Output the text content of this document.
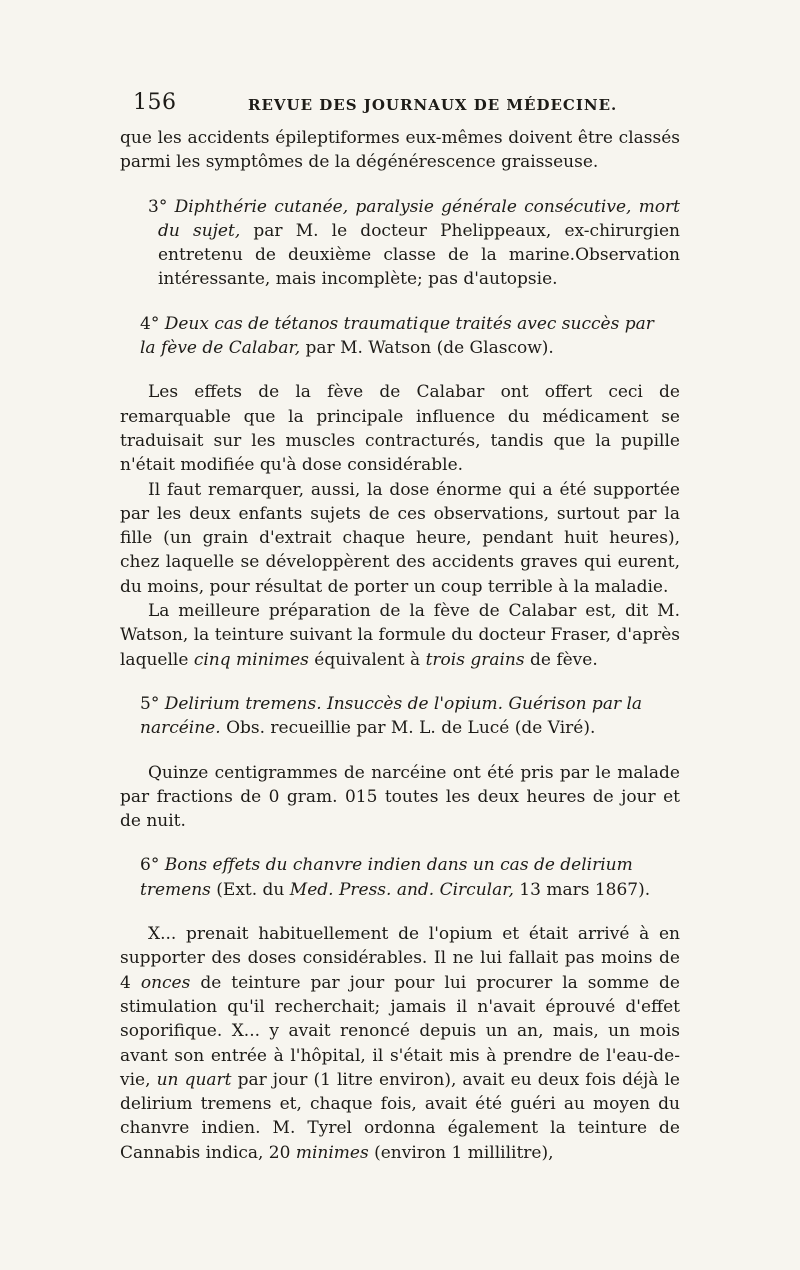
156	REVUE DES JOURNAUX DE MÉDECINE.

que les accidents épileptiformes eux-mêmes doivent être classés parmi les symptômes de la dégénérescence graisseuse.

3° Diphthérie cutanée, paralysie générale consécutive, mort du sujet, par M. le docteur Phelippeaux, ex-chirurgien entretenu de deuxième classe de la marine.Observation intéressante, mais incomplète; pas d'autopsie.

4° Deux cas de tétanos traumatique traités avec succès par la fève de Calabar, par M. Watson (de Glascow).

Les effets de la fève de Calabar ont offert ceci de remarquable que la principale influence du médicament se traduisait sur les muscles contracturés, tandis que la pupille n'était modifiée qu'à dose considérable.

Il faut remarquer, aussi, la dose énorme qui a été supportée par les deux enfants sujets de ces observations, surtout par la fille (un grain d'extrait chaque heure, pendant huit heures), chez laquelle se développèrent des accidents graves qui eurent, du moins, pour résultat de porter un coup terrible à la maladie.

La meilleure préparation de la fève de Calabar est, dit M. Watson, la teinture suivant la formule du docteur Fraser, d'après laquelle cinq minimes équivalent à trois grains de fève.

5° Delirium tremens. Insuccès de l'opium. Guérison par la narcéine. Obs. recueillie par M. L. de Lucé (de Viré).

Quinze centigrammes de narcéine ont été pris par le malade par fractions de 0 gram. 015 toutes les deux heures de jour et de nuit.

6° Bons effets du chanvre indien dans un cas de delirium tremens (Ext. du Med. Press. and. Circular, 13 mars 1867).

X... prenait habituellement de l'opium et était arrivé à en supporter des doses considérables. Il ne lui fallait pas moins de 4 onces de teinture par jour pour lui procurer la somme de stimulation qu'il recherchait; jamais il n'avait éprouvé d'effet soporifique. X... y avait renoncé depuis un an, mais, un mois avant son entrée à l'hôpital, il s'était mis à prendre de l'eau-de-vie, un quart par jour (1 litre environ), avait eu deux fois déjà le delirium tremens et, chaque fois, avait été guéri au moyen du chanvre indien. M. Tyrel ordonna également la teinture de Cannabis indica, 20 minimes (environ 1 millilitre),
